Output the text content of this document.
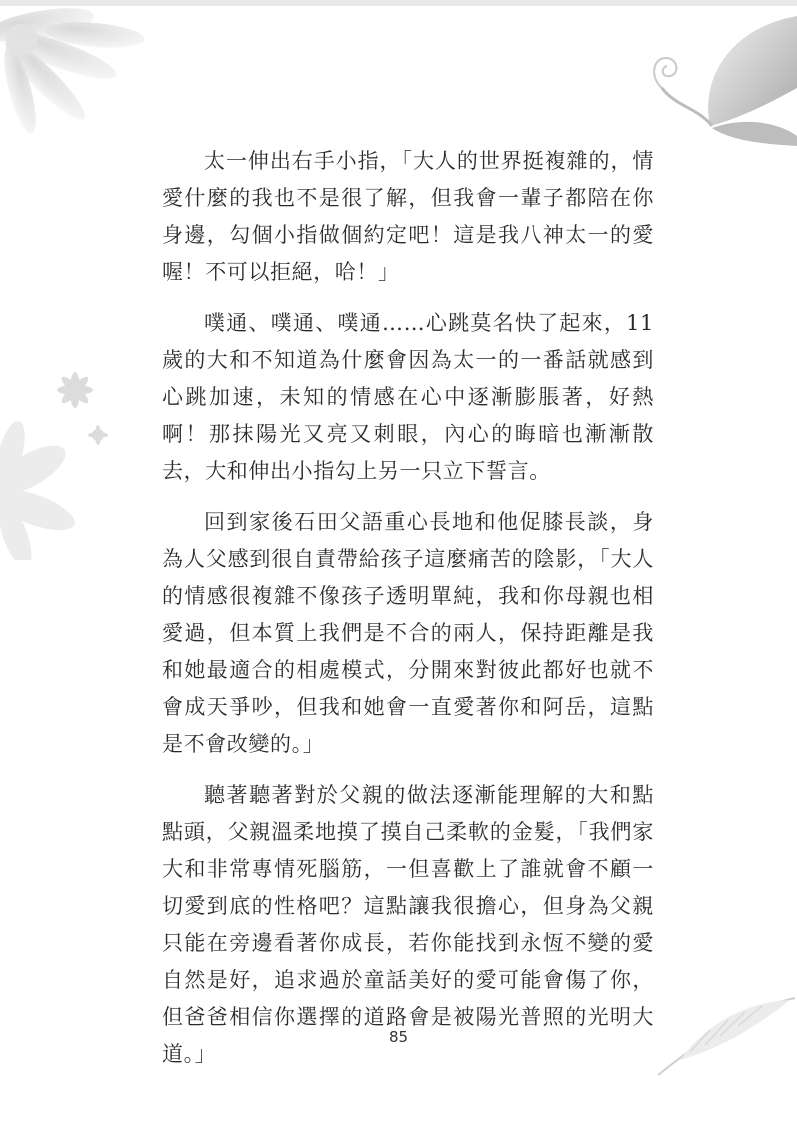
太一伸出右手小指，「大人的世界挺複雜的，情愛什麼的我也不是很了解，但我會一輩子都陪在你身邊，勾個小指做個約定吧！這是我八神太一的愛喔！不可以拒絕，哈！」

噗通、噗通、噗通……心跳莫名快了起來，11 歲的大和不知道為什麼會因為太一的一番話就感到心跳加速，未知的情感在心中逐漸膨脹著，好熱啊！那抹陽光又亮又刺眼，內心的晦暗也漸漸散去，大和伸出小指勾上另一只立下誓言。

回到家後石田父語重心長地和他促膝長談，身為人父感到很自責帶給孩子這麼痛苦的陰影，「大人的情感很複雜不像孩子透明單純，我和你母親也相愛過，但本質上我們是不合的兩人，保持距離是我和她最適合的相處模式，分開來對彼此都好也就不會成天爭吵，但我和她會一直愛著你和阿岳，這點是不會改變的。」

聽著聽著對於父親的做法逐漸能理解的大和點點頭，父親溫柔地摸了摸自己柔軟的金髮，「我們家大和非常專情死腦筋，一但喜歡上了誰就會不顧一切愛到底的性格吧？這點讓我很擔心，但身為父親只能在旁邊看著你成長，若你能找到永恆不變的愛自然是好，追求過於童話美好的愛可能會傷了你，但爸爸相信你選擇的道路會是被陽光普照的光明大道。」

85
